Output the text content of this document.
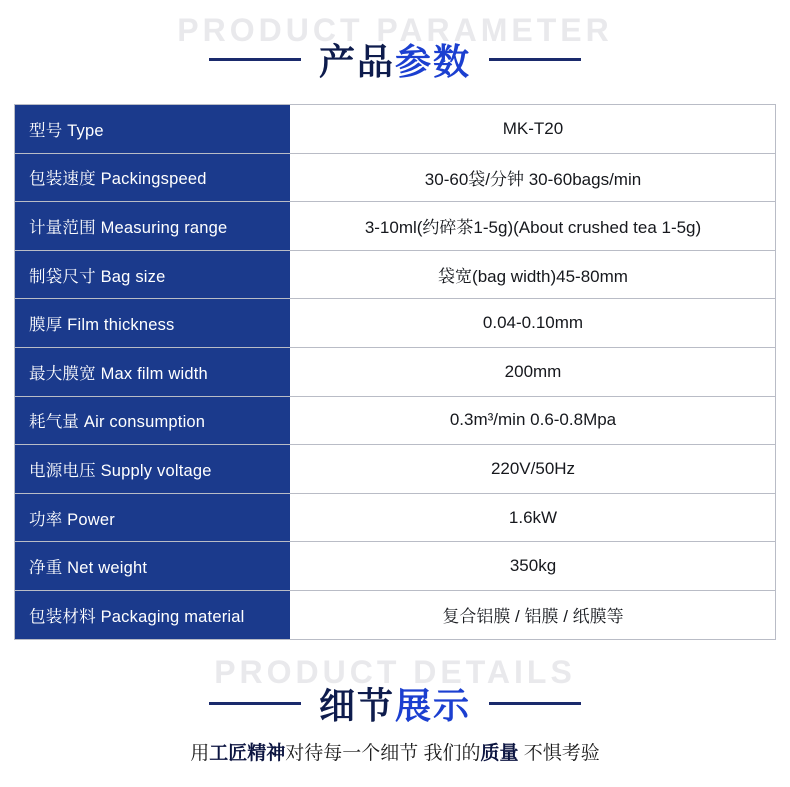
PRODUCT PARAMETER
产品参数
型号 Type	MK-T20
包装速度 Packingspeed	30-60袋/分钟 30-60bags/min
计量范围 Measuring range	3-10ml(约碎茶1-5g)(About crushed tea 1-5g)
制袋尺寸 Bag size	袋宽(bag width)45-80mm
膜厚 Film thickness	0.04-0.10mm
最大膜宽 Max film width	200mm
耗气量 Air consumption	0.3m³/min 0.6-0.8Mpa
电源电压 Supply voltage	220V/50Hz
功率 Power	1.6kW
净重 Net weight	350kg
包装材料 Packaging material	复合铝膜 / 铝膜 / 纸膜等
PRODUCT DETAILS
细节展示
用工匠精神对待每一个细节 我们的质量 不惧考验
